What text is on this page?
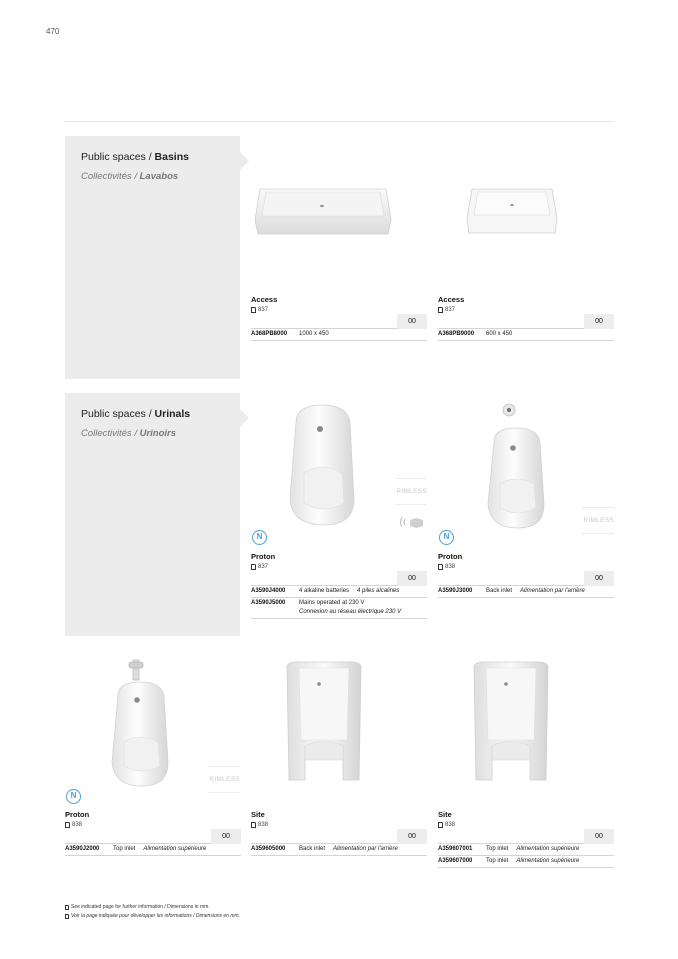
470
Public spaces / Basins
Collectivités / Lavabos
Public spaces / Urinals
Collectivités / Urinoirs
Access
837
00
A368PB8000	1000 x 450
Access
837
00
A368PB9000	600 x 450
RIMLESS
N
Proton
837
00
A3590J4000	4 alkaline batteries 4 piles alcalines
A3590J5000	Mains operated at 230 V
Connexion au réseau électrique 230 V
RIMLESS
N
Proton
838
00
A3590J3000	Back inlet Alimentation par l'arrière
RIMLESS
N
Proton
838
00
A3590J2000	Top inlet Alimentation supérieure
Site
838
00
A359605000	Back inlet Alimentation par l'arrière
Site
838
00
A359607001	Top inlet Alimentation supérieure
A359607000	Top inlet Alimentation supérieure
See indicated page for further information / Dimensions in mm.
Voir la page indiquée pour développer les informations / Dimensions en mm.
